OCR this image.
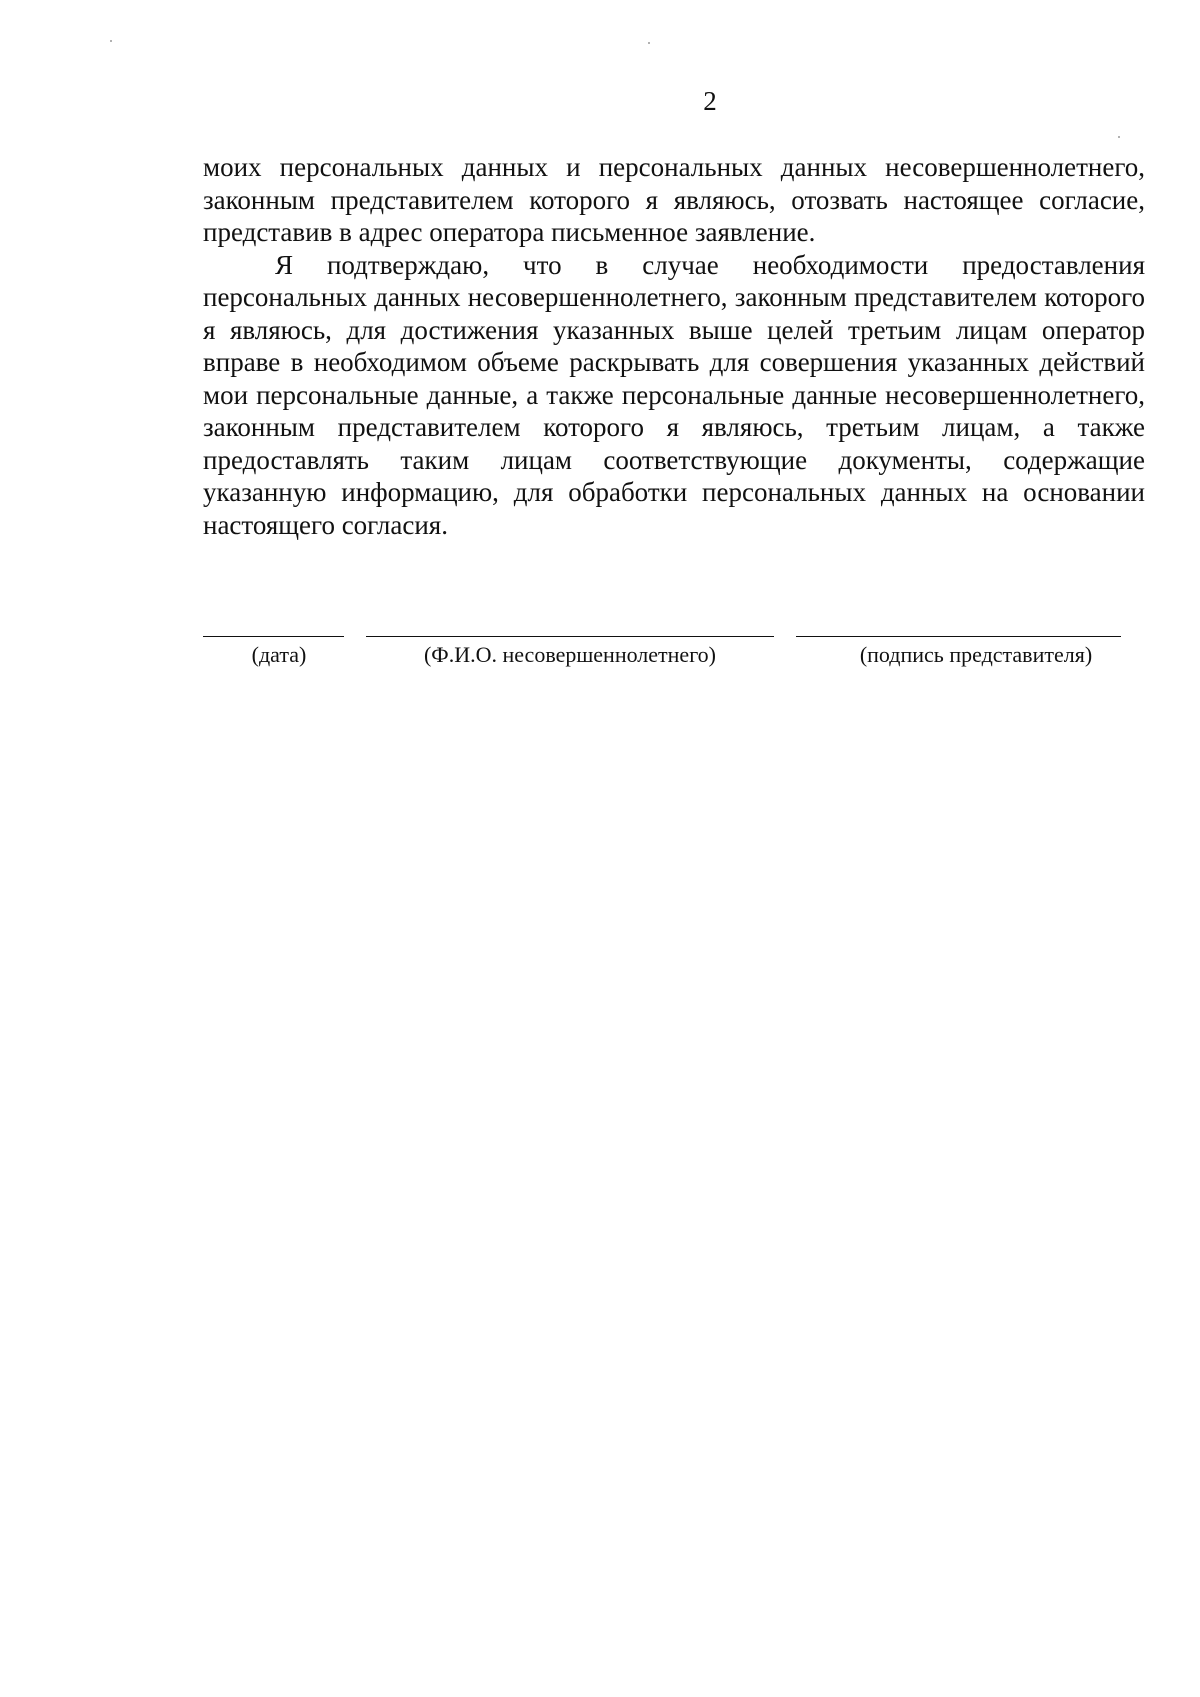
2

моих персональных данных и персональных данных несовершеннолетнего, законным представителем которого я являюсь, отозвать настоящее согласие, представив в адрес оператора письменное заявление.

Я подтверждаю, что в случае необходимости предоставления персональных данных несовершеннолетнего, законным представителем которого я являюсь, для достижения указанных выше целей третьим лицам оператор вправе в необходимом объеме раскрывать для совершения указанных действий мои персональные данные, а также персональные данные несовершеннолетнего, законным представителем которого я являюсь, третьим лицам, а также предоставлять таким лицам соответствующие документы, содержащие указанную информацию, для обработки персональных данных на основании настоящего согласия.

(дата)	(Ф.И.О. несовершеннолетнего)	(подпись представителя)
